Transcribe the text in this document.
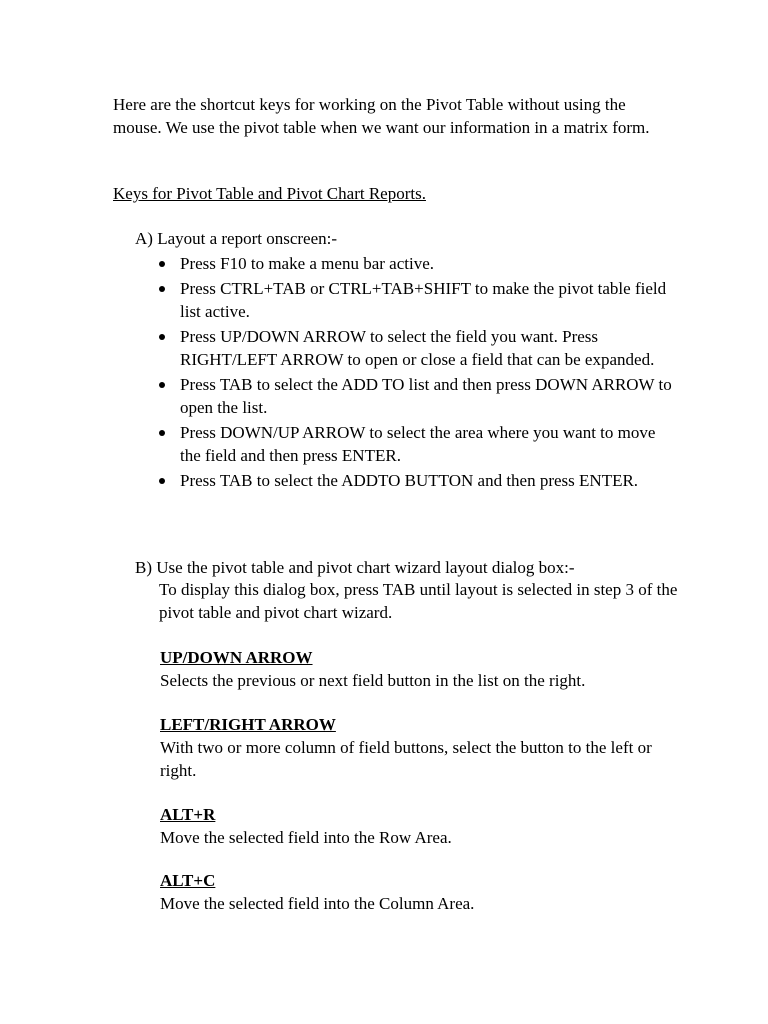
Here are the shortcut keys for working on the Pivot Table without using the mouse. We use the pivot table when we want our information in a matrix form.

Keys for Pivot Table and Pivot Chart Reports.

A) Layout a report onscreen:-

Press F10 to make a menu bar active.
Press CTRL+TAB or CTRL+TAB+SHIFT to make the pivot table field list active.
Press UP/DOWN ARROW to select the field you want. Press RIGHT/LEFT ARROW to open or close a field that can be expanded.
Press TAB to select the ADD TO list and then press DOWN ARROW to open the list.
Press DOWN/UP ARROW to select the area where you want to move the field and then press ENTER.
Press TAB to select the ADDTO BUTTON and then press ENTER.

B) Use the pivot table and pivot chart wizard layout dialog box:-

To display this dialog box, press TAB until layout is selected in step 3 of the pivot table and pivot chart wizard.

UP/DOWN ARROW

Selects the previous or next field button in the list on the right.

LEFT/RIGHT ARROW

With two or more column of field buttons, select the button to the left or right.

ALT+R

Move the selected field into the Row Area.

ALT+C

Move the selected field into the Column Area.
